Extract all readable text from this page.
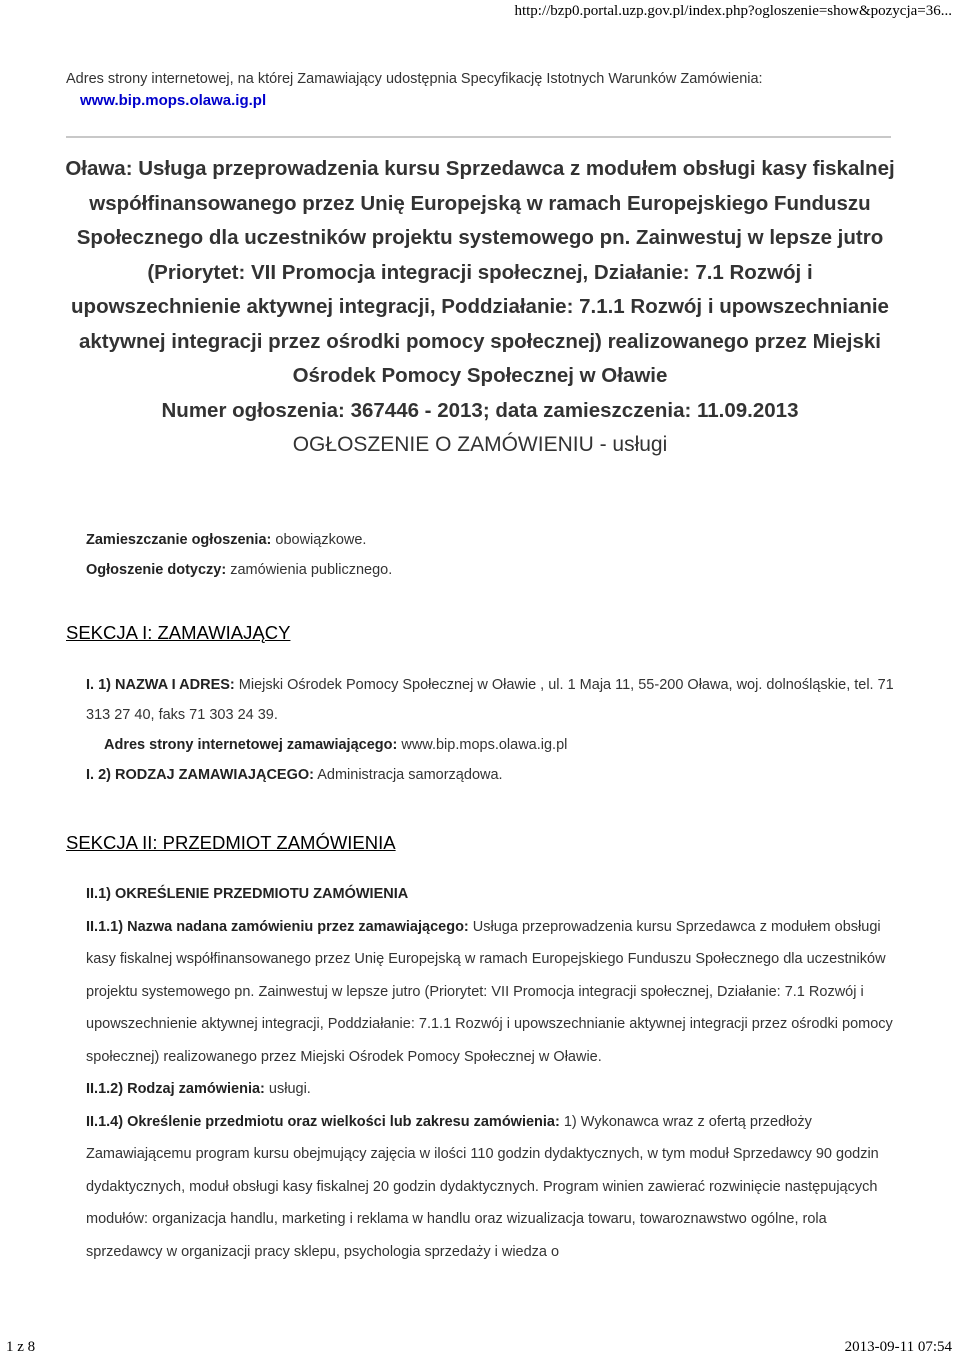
http://bzp0.portal.uzp.gov.pl/index.php?ogloszenie=show&pozycja=36...
Adres strony internetowej, na której Zamawiający udostępnia Specyfikację Istotnych Warunków Zamówienia:
www.bip.mops.olawa.ig.pl
Oława: Usługa przeprowadzenia kursu Sprzedawca z modułem obsługi kasy fiskalnej współfinansowanego przez Unię Europejską w ramach Europejskiego Funduszu Społecznego dla uczestników projektu systemowego pn. Zainwestuj w lepsze jutro (Priorytet: VII Promocja integracji społecznej, Działanie: 7.1 Rozwój i upowszechnienie aktywnej integracji, Poddziałanie: 7.1.1 Rozwój i upowszechnianie aktywnej integracji przez ośrodki pomocy społecznej) realizowanego przez Miejski Ośrodek Pomocy Społecznej w Oławie
Numer ogłoszenia: 367446 - 2013; data zamieszczenia: 11.09.2013
OGŁOSZENIE O ZAMÓWIENIU - usługi

Zamieszczanie ogłoszenia: obowiązkowe.

Ogłoszenie dotyczy: zamówienia publicznego.

SEKCJA I: ZAMAWIAJĄCY

I. 1) NAZWA I ADRES: Miejski Ośrodek Pomocy Społecznej w Oławie , ul. 1 Maja 11, 55-200 Oława, woj. dolnośląskie, tel. 71 313 27 40, faks 71 303 24 39.

Adres strony internetowej zamawiającego: www.bip.mops.olawa.ig.pl

I. 2) RODZAJ ZAMAWIAJĄCEGO: Administracja samorządowa.

SEKCJA II: PRZEDMIOT ZAMÓWIENIA

II.1) OKREŚLENIE PRZEDMIOTU ZAMÓWIENIA

II.1.1) Nazwa nadana zamówieniu przez zamawiającego: Usługa przeprowadzenia kursu Sprzedawca z modułem obsługi kasy fiskalnej współfinansowanego przez Unię Europejską w ramach Europejskiego Funduszu Społecznego dla uczestników projektu systemowego pn. Zainwestuj w lepsze jutro (Priorytet: VII Promocja integracji społecznej, Działanie: 7.1 Rozwój i upowszechnienie aktywnej integracji, Poddziałanie: 7.1.1 Rozwój i upowszechnianie aktywnej integracji przez ośrodki pomocy społecznej) realizowanego przez Miejski Ośrodek Pomocy Społecznej w Oławie.

II.1.2) Rodzaj zamówienia: usługi.

II.1.4) Określenie przedmiotu oraz wielkości lub zakresu zamówienia: 1) Wykonawca wraz z ofertą przedłoży Zamawiającemu program kursu obejmujący zajęcia w ilości 110 godzin dydaktycznych, w tym moduł Sprzedawcy 90 godzin dydaktycznych, moduł obsługi kasy fiskalnej 20 godzin dydaktycznych. Program winien zawierać rozwinięcie następujących modułów: organizacja handlu, marketing i reklama w handlu oraz wizualizacja towaru, towaroznawstwo ogólne, rola sprzedawcy w organizacji pracy sklepu, psychologia sprzedaży i wiedza o

1 z 8	2013-09-11 07:54
